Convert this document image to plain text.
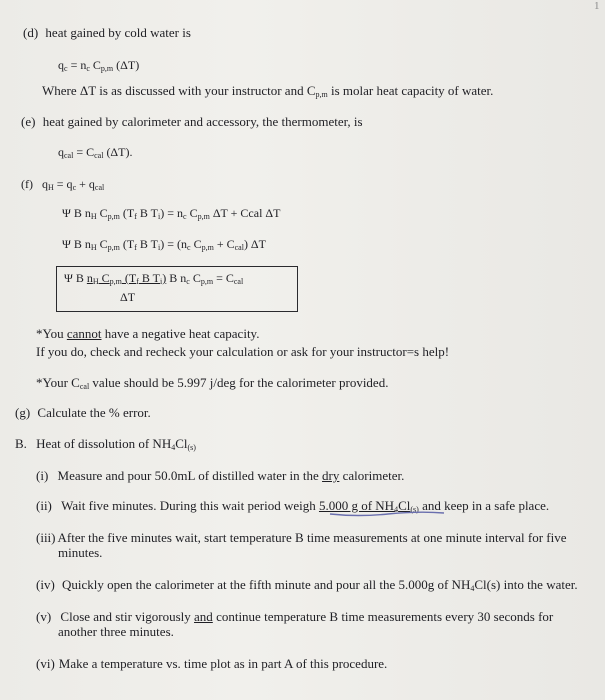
1
(d) heat gained by cold water is
$q_c = n_c$ $C_{p,m}$ (ΔT)
Where ΔT is as discussed with your instructor and $C_{p,m}$ is molar heat capacity of water.
(e) heat gained by calorimeter and accessory, the thermometer, is
$q_{cal} = C_{cal}$ (ΔT).
(f) $q_H = q_c + q_{cal}$
Ψ B $n_H$ $C_{p,m}$ ($T_f$ B $T_i) = n_c$ $C_{p,m}$ ΔT + Ccal ΔT
Ψ B $n_H$ $C_{p,m}$ ($T_f$ B $T_i) = (n_c$ $C_{p,m} + C_{cal}$) ΔT
Ψ B $n_H$ $C_{p,m}$ ($T_f$ B $T_i$) B $n_c$ $C_{p,m} = C_{cal}$
ΔT
*You cannot have a negative heat capacity.
If you do, check and recheck your calculation or ask for your instructor=s help!
*Your $C_{cal}$ value should be 5.997 j/deg for the calorimeter provided.
(g) Calculate the % error.
B. Heat of dissolution of $NH_4Cl_{(s)}$
(i) Measure and pour 50.0mL of distilled water in the dry calorimeter.
(ii) Wait five minutes. During this wait period weigh 5.000 g of $NH_4Cl_{(s)}$ and keep in a safe place.
(iii) After the five minutes wait, start temperature B time measurements at one minute interval for five
minutes.
(iv) Quickly open the calorimeter at the fifth minute and pour all the 5.000g of $NH_4Cl(s)$ into the water.
(v) Close and stir vigorously and continue temperature B time measurements every 30 seconds for
another three minutes.
(vi) Make a temperature vs. time plot as in part A of this procedure.
